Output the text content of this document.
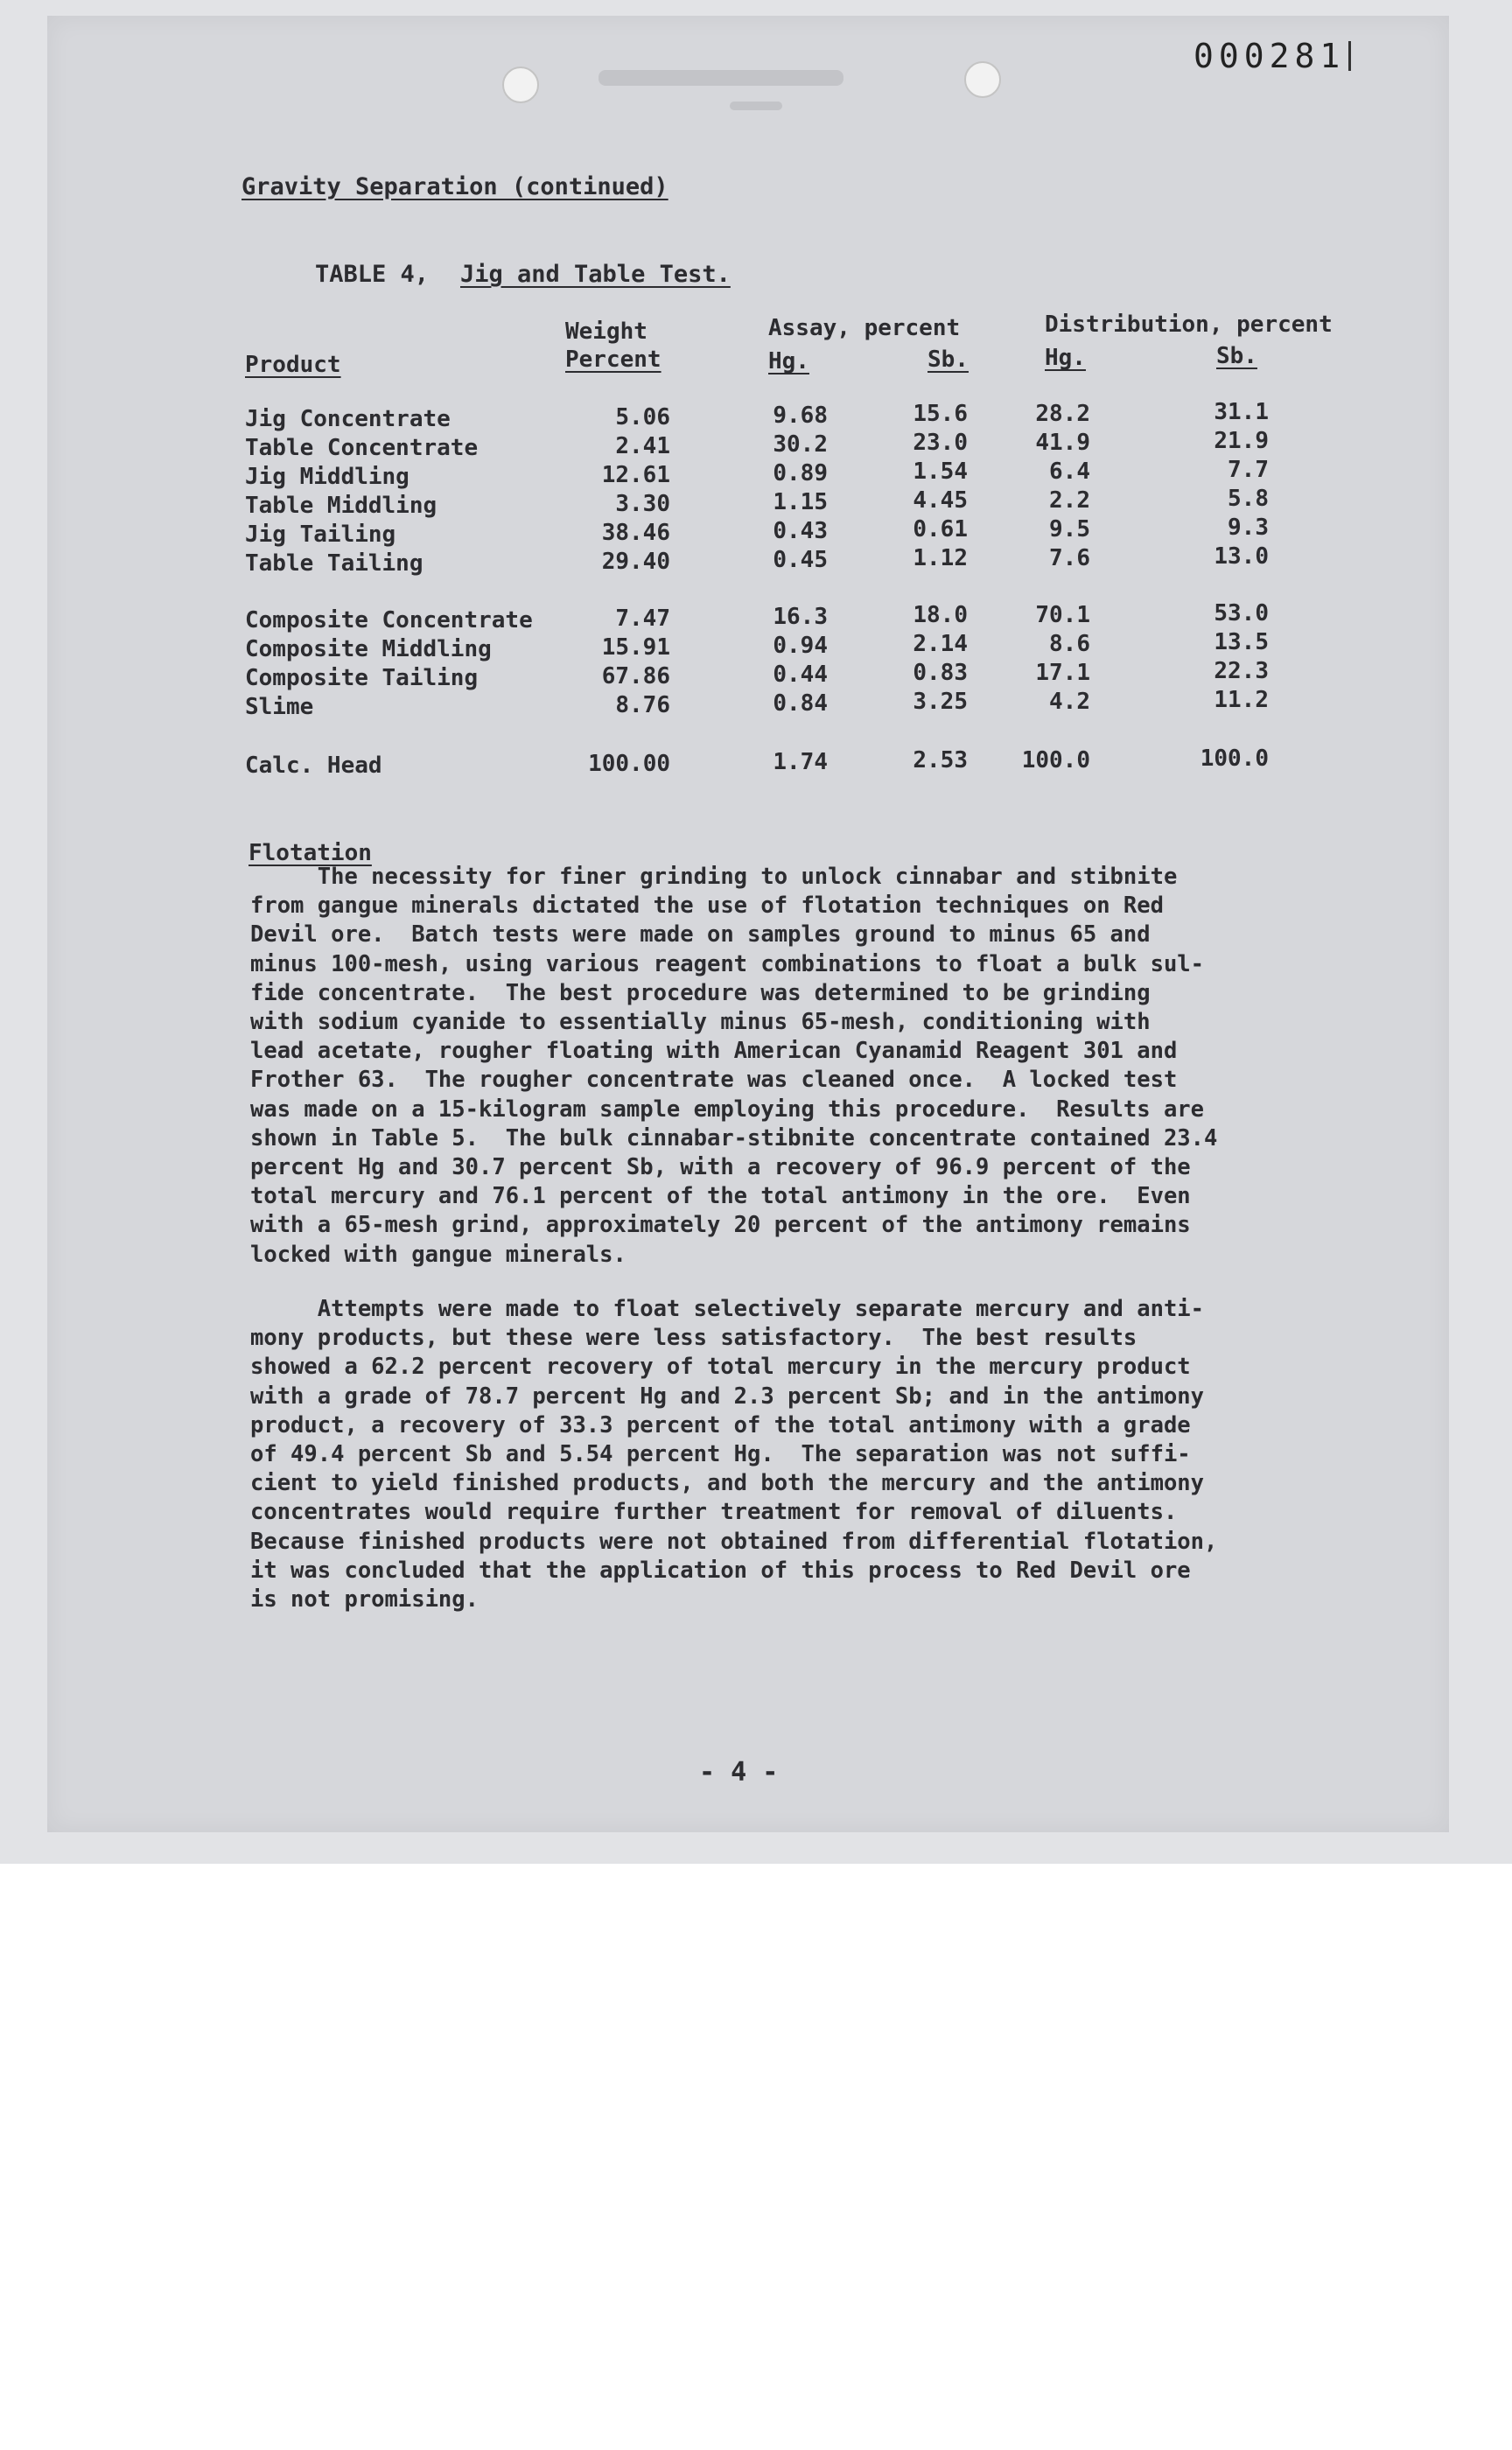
000281
Gravity Separation (continued)
TABLE 4, Jig and Table Test.
Weight
Percent
Assay, percent	Distribution, percent
Product	Hg.	Sb.	Hg.	Sb.
Jig Concentrate	5.06	9.68	15.6	28.2	31.1
Table Concentrate	2.41	30.2	23.0	41.9	21.9
Jig Middling	12.61	0.89	1.54	6.4	7.7
Table Middling	3.30	1.15	4.45	2.2	5.8
Jig Tailing	38.46	0.43	0.61	9.5	9.3
Table Tailing	29.40	0.45	1.12	7.6	13.0
Composite Concentrate	7.47	16.3	18.0	70.1	53.0
Composite Middling	15.91	0.94	2.14	8.6	13.5
Composite Tailing	67.86	0.44	0.83	17.1	22.3
Slime	8.76	0.84	3.25	4.2	11.2
Calc. Head	100.00	1.74	2.53	100.0	100.0
Flotation
The necessity for finer grinding to unlock cinnabar and stibnite
from gangue minerals dictated the use of flotation techniques on Red
Devil ore.  Batch tests were made on samples ground to minus 65 and
minus 100-mesh, using various reagent combinations to float a bulk sul-
fide concentrate.  The best procedure was determined to be grinding
with sodium cyanide to essentially minus 65-mesh, conditioning with
lead acetate, rougher floating with American Cyanamid Reagent 301 and
Frother 63.  The rougher concentrate was cleaned once.  A locked test
was made on a 15-kilogram sample employing this procedure.  Results are
shown in Table 5.  The bulk cinnabar-stibnite concentrate contained 23.4
percent Hg and 30.7 percent Sb, with a recovery of 96.9 percent of the
total mercury and 76.1 percent of the total antimony in the ore.  Even
with a 65-mesh grind, approximately 20 percent of the antimony remains
locked with gangue minerals.
Attempts were made to float selectively separate mercury and anti-
mony products, but these were less satisfactory.  The best results
showed a 62.2 percent recovery of total mercury in the mercury product
with a grade of 78.7 percent Hg and 2.3 percent Sb; and in the antimony
product, a recovery of 33.3 percent of the total antimony with a grade
of 49.4 percent Sb and 5.54 percent Hg.  The separation was not suffi-
cient to yield finished products, and both the mercury and the antimony
concentrates would require further treatment for removal of diluents.
Because finished products were not obtained from differential flotation,
it was concluded that the application of this process to Red Devil ore
is not promising.
- 4 -
